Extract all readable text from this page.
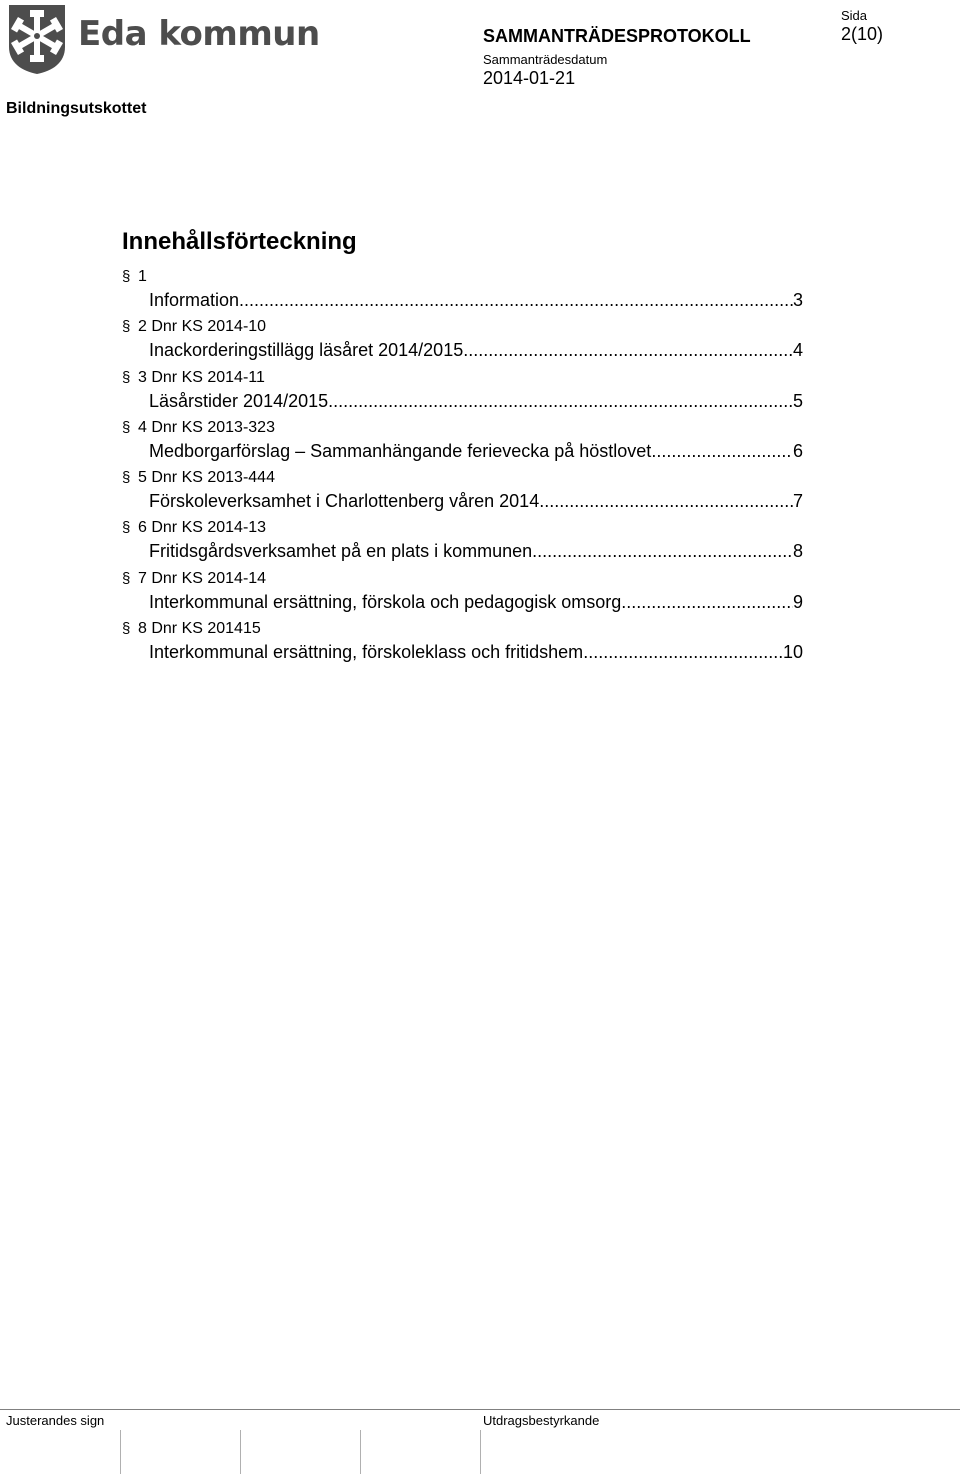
Eda kommun
Bildningsutskottet
SAMMANTRÄDESPROTOKOLL
Sammanträdesdatum
2014-01-21
Sida
2(10)
Innehållsförteckning
§ 1
Information .....	3
§ 2 Dnr KS 2014-10
Inackorderingstillägg läsåret 2014/2015 .....	4
§ 3 Dnr KS 2014-11
Läsårstider 2014/2015 .....	5
§ 4 Dnr KS 2013-323
Medborgarförslag – Sammanhängande ferievecka på höstlovet .....	6
§ 5 Dnr KS 2013-444
Förskoleverksamhet i Charlottenberg våren 2014 .....	7
§ 6 Dnr KS 2014-13
Fritidsgårdsverksamhet på en plats i kommunen .....	8
§ 7 Dnr KS 2014-14
Interkommunal ersättning, förskola och pedagogisk omsorg .....	9
§ 8 Dnr KS 201415
Interkommunal ersättning, förskoleklass och fritidshem .....	10
Justerandes sign	Utdragsbestyrkande
